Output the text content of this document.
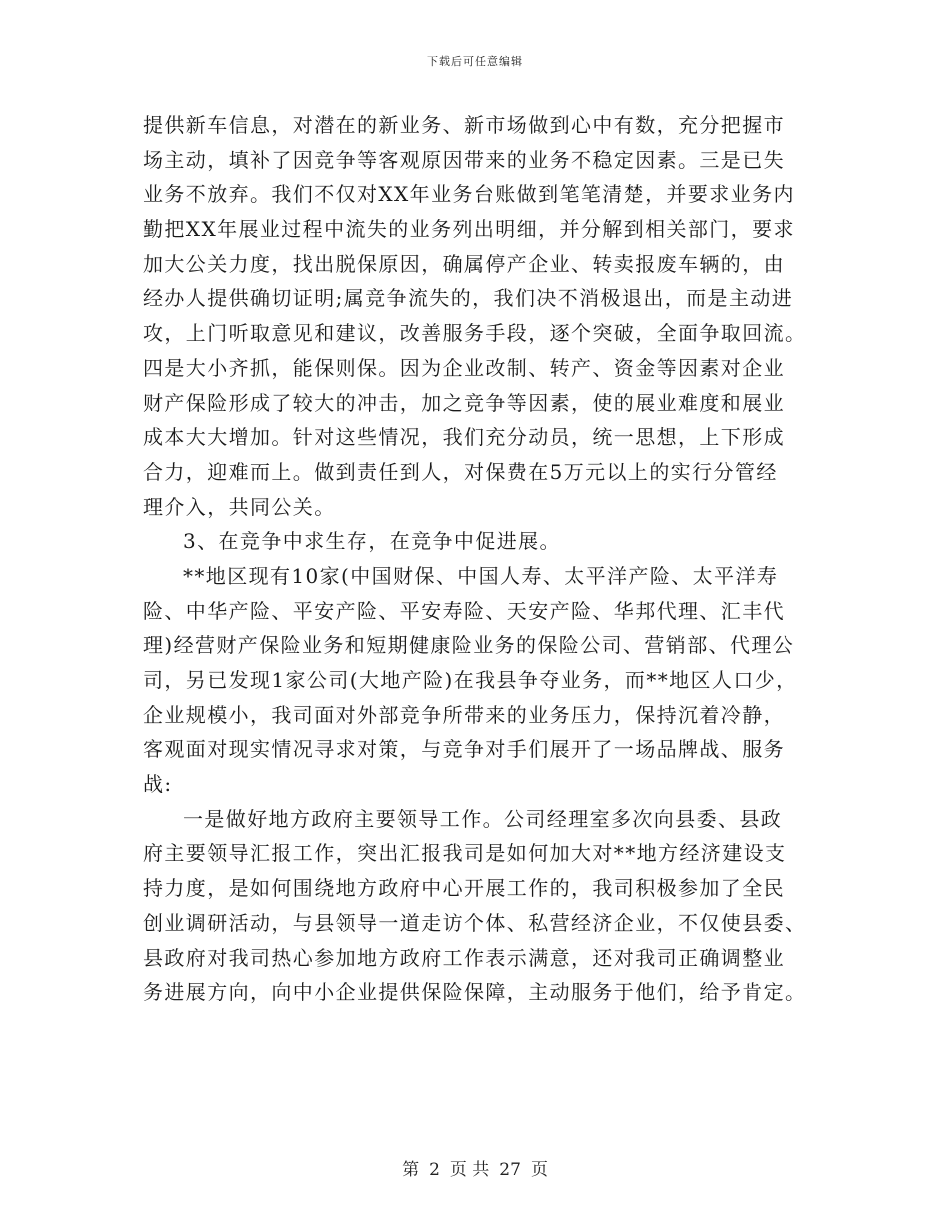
下载后可任意编辑
提供新车信息，对潜在的新业务、新市场做到心中有数，充分把握市
场主动，填补了因竞争等客观原因带来的业务不稳定因素。三是已失
业务不放弃。我们不仅对XX年业务台账做到笔笔清楚，并要求业务内
勤把XX年展业过程中流失的业务列出明细，并分解到相关部门，要求
加大公关力度，找出脱保原因，确属停产企业、转卖报废车辆的，由
经办人提供确切证明;属竞争流失的，我们决不消极退出，而是主动进
攻，上门听取意见和建议，改善服务手段，逐个突破，全面争取回流。
四是大小齐抓，能保则保。因为企业改制、转产、资金等因素对企业
财产保险形成了较大的冲击，加之竞争等因素，使的展业难度和展业
成本大大增加。针对这些情况，我们充分动员，统一思想，上下形成
合力，迎难而上。做到责任到人，对保费在5万元以上的实行分管经
理介入，共同公关。
3、在竞争中求生存，在竞争中促进展。
**地区现有10家(中国财保、中国人寿、太平洋产险、太平洋寿
险、中华产险、平安产险、平安寿险、天安产险、华邦代理、汇丰代
理)经营财产保险业务和短期健康险业务的保险公司、营销部、代理公
司，另已发现1家公司(大地产险)在我县争夺业务，而**地区人口少，
企业规模小，我司面对外部竞争所带来的业务压力，保持沉着冷静，
客观面对现实情况寻求对策，与竞争对手们展开了一场品牌战、服务
战:
一是做好地方政府主要领导工作。公司经理室多次向县委、县政
府主要领导汇报工作，突出汇报我司是如何加大对**地方经济建设支
持力度，是如何围绕地方政府中心开展工作的，我司积极参加了全民
创业调研活动，与县领导一道走访个体、私营经济企业，不仅使县委、
县政府对我司热心参加地方政府工作表示满意，还对我司正确调整业
务进展方向，向中小企业提供保险保障，主动服务于他们，给予肯定。
第 2 页 共 27 页
